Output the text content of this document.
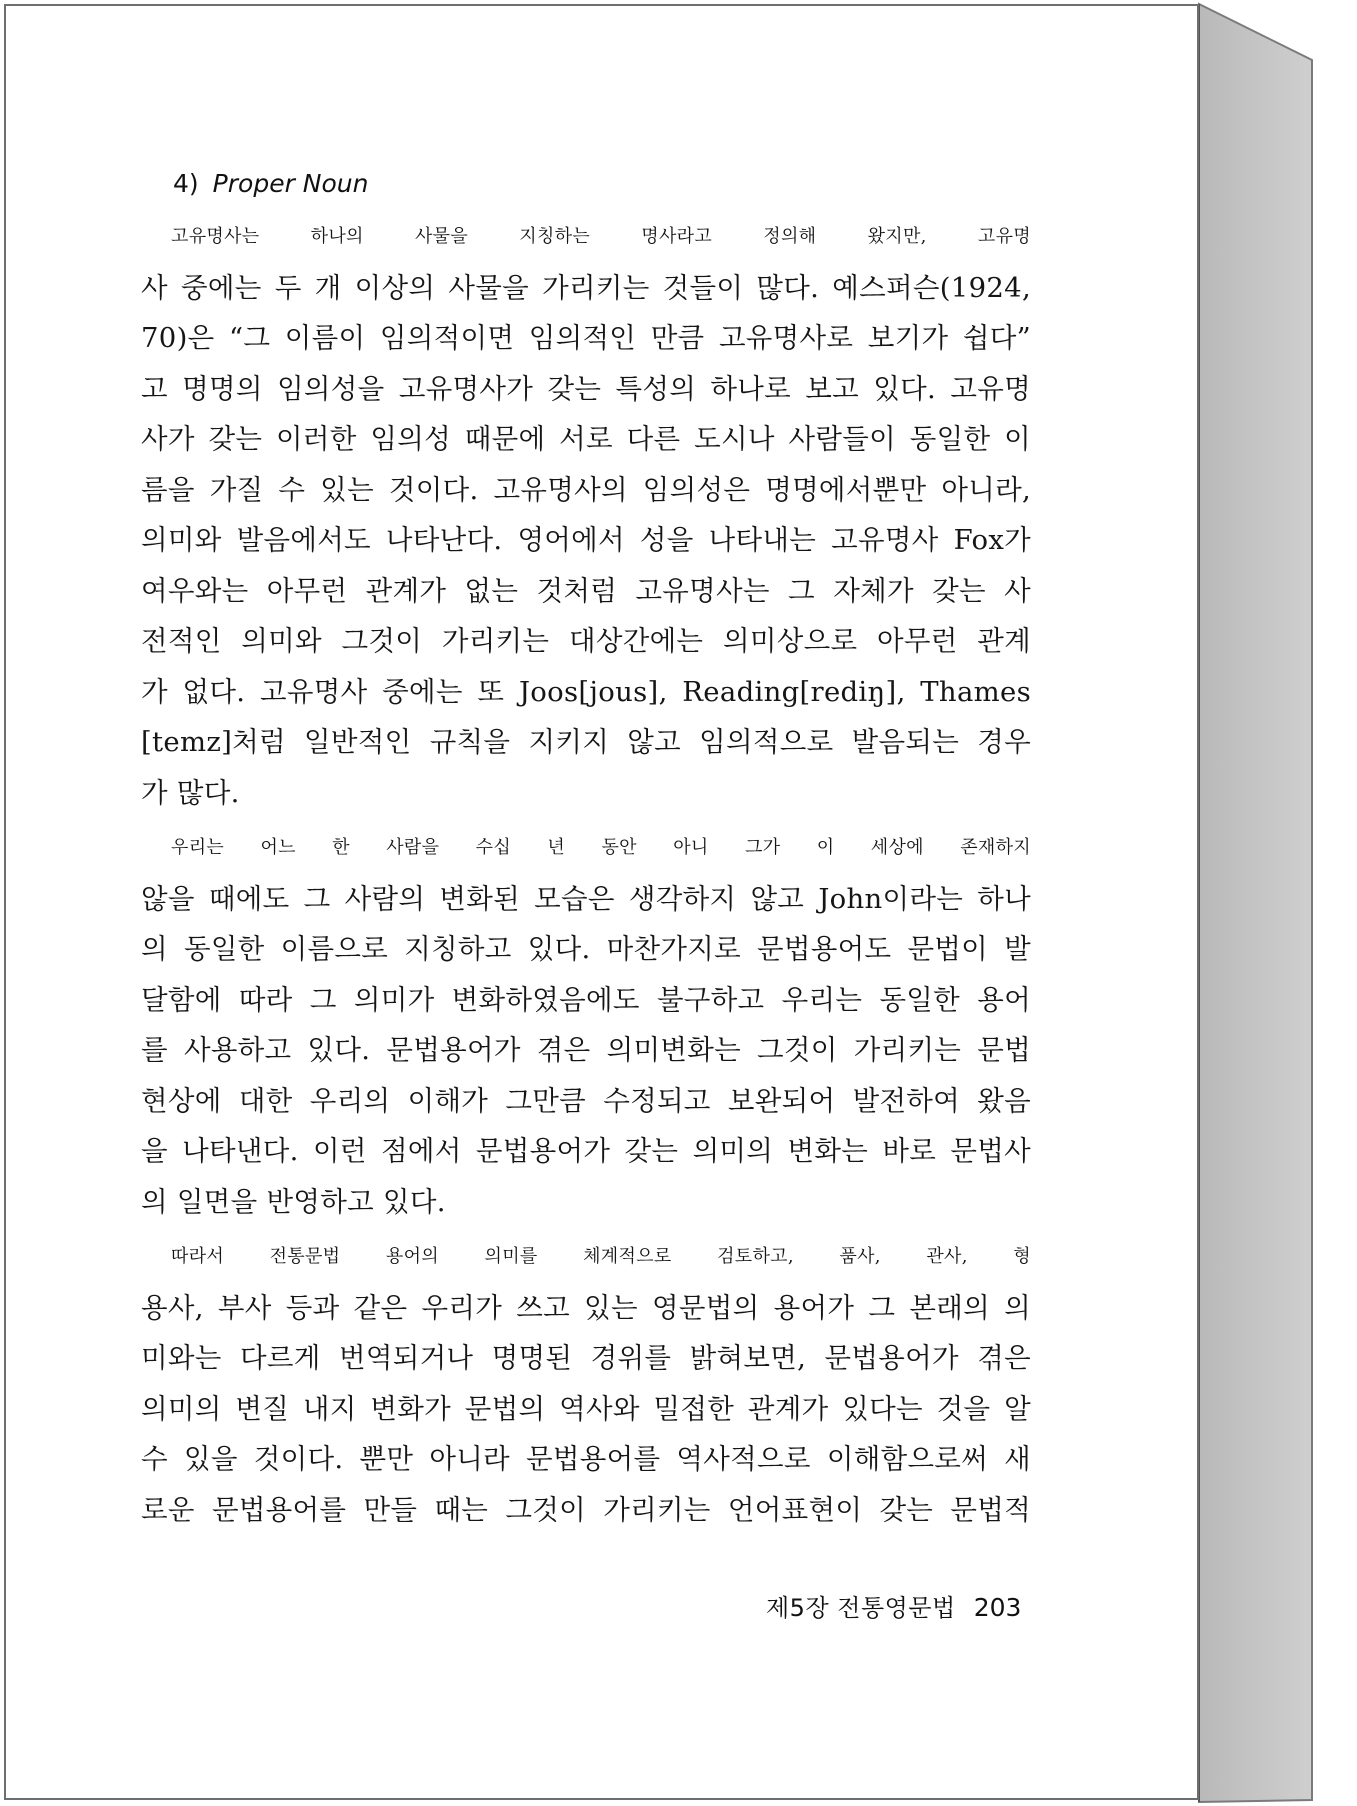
4) Proper Noun
고유명사는 하나의 사물을 지칭하는 명사라고 정의해 왔지만, 고유명
사 중에는 두 개 이상의 사물을 가리키는 것들이 많다. 예스퍼슨(1924,
70)은 “그 이름이 임의적이면 임의적인 만큼 고유명사로 보기가 쉽다”
고 명명의 임의성을 고유명사가 갖는 특성의 하나로 보고 있다. 고유명
사가 갖는 이러한 임의성 때문에 서로 다른 도시나 사람들이 동일한 이
름을 가질 수 있는 것이다. 고유명사의 임의성은 명명에서뿐만 아니라,
의미와 발음에서도 나타난다. 영어에서 성을 나타내는 고유명사 Fox가
여우와는 아무런 관계가 없는 것처럼 고유명사는 그 자체가 갖는 사
전적인 의미와 그것이 가리키는 대상간에는 의미상으로 아무런 관계
가 없다. 고유명사 중에는 또 Joos[jous], Reading[rediŋ], Thames
[temz]처럼 일반적인 규칙을 지키지 않고 임의적으로 발음되는 경우
가 많다.
우리는 어느 한 사람을 수십 년 동안 아니 그가 이 세상에 존재하지
않을 때에도 그 사람의 변화된 모습은 생각하지 않고 John이라는 하나
의 동일한 이름으로 지칭하고 있다. 마찬가지로 문법용어도 문법이 발
달함에 따라 그 의미가 변화하였음에도 불구하고 우리는 동일한 용어
를 사용하고 있다. 문법용어가 겪은 의미변화는 그것이 가리키는 문법
현상에 대한 우리의 이해가 그만큼 수정되고 보완되어 발전하여 왔음
을 나타낸다. 이런 점에서 문법용어가 갖는 의미의 변화는 바로 문법사
의 일면을 반영하고 있다.
따라서 전통문법 용어의 의미를 체계적으로 검토하고, 품사, 관사, 형
용사, 부사 등과 같은 우리가 쓰고 있는 영문법의 용어가 그 본래의 의
미와는 다르게 번역되거나 명명된 경위를 밝혀보면, 문법용어가 겪은
의미의 변질 내지 변화가 문법의 역사와 밀접한 관계가 있다는 것을 알
수 있을 것이다. 뿐만 아니라 문법용어를 역사적으로 이해함으로써 새
로운 문법용어를 만들 때는 그것이 가리키는 언어표현이 갖는 문법적
제5장 전통영문법 203
